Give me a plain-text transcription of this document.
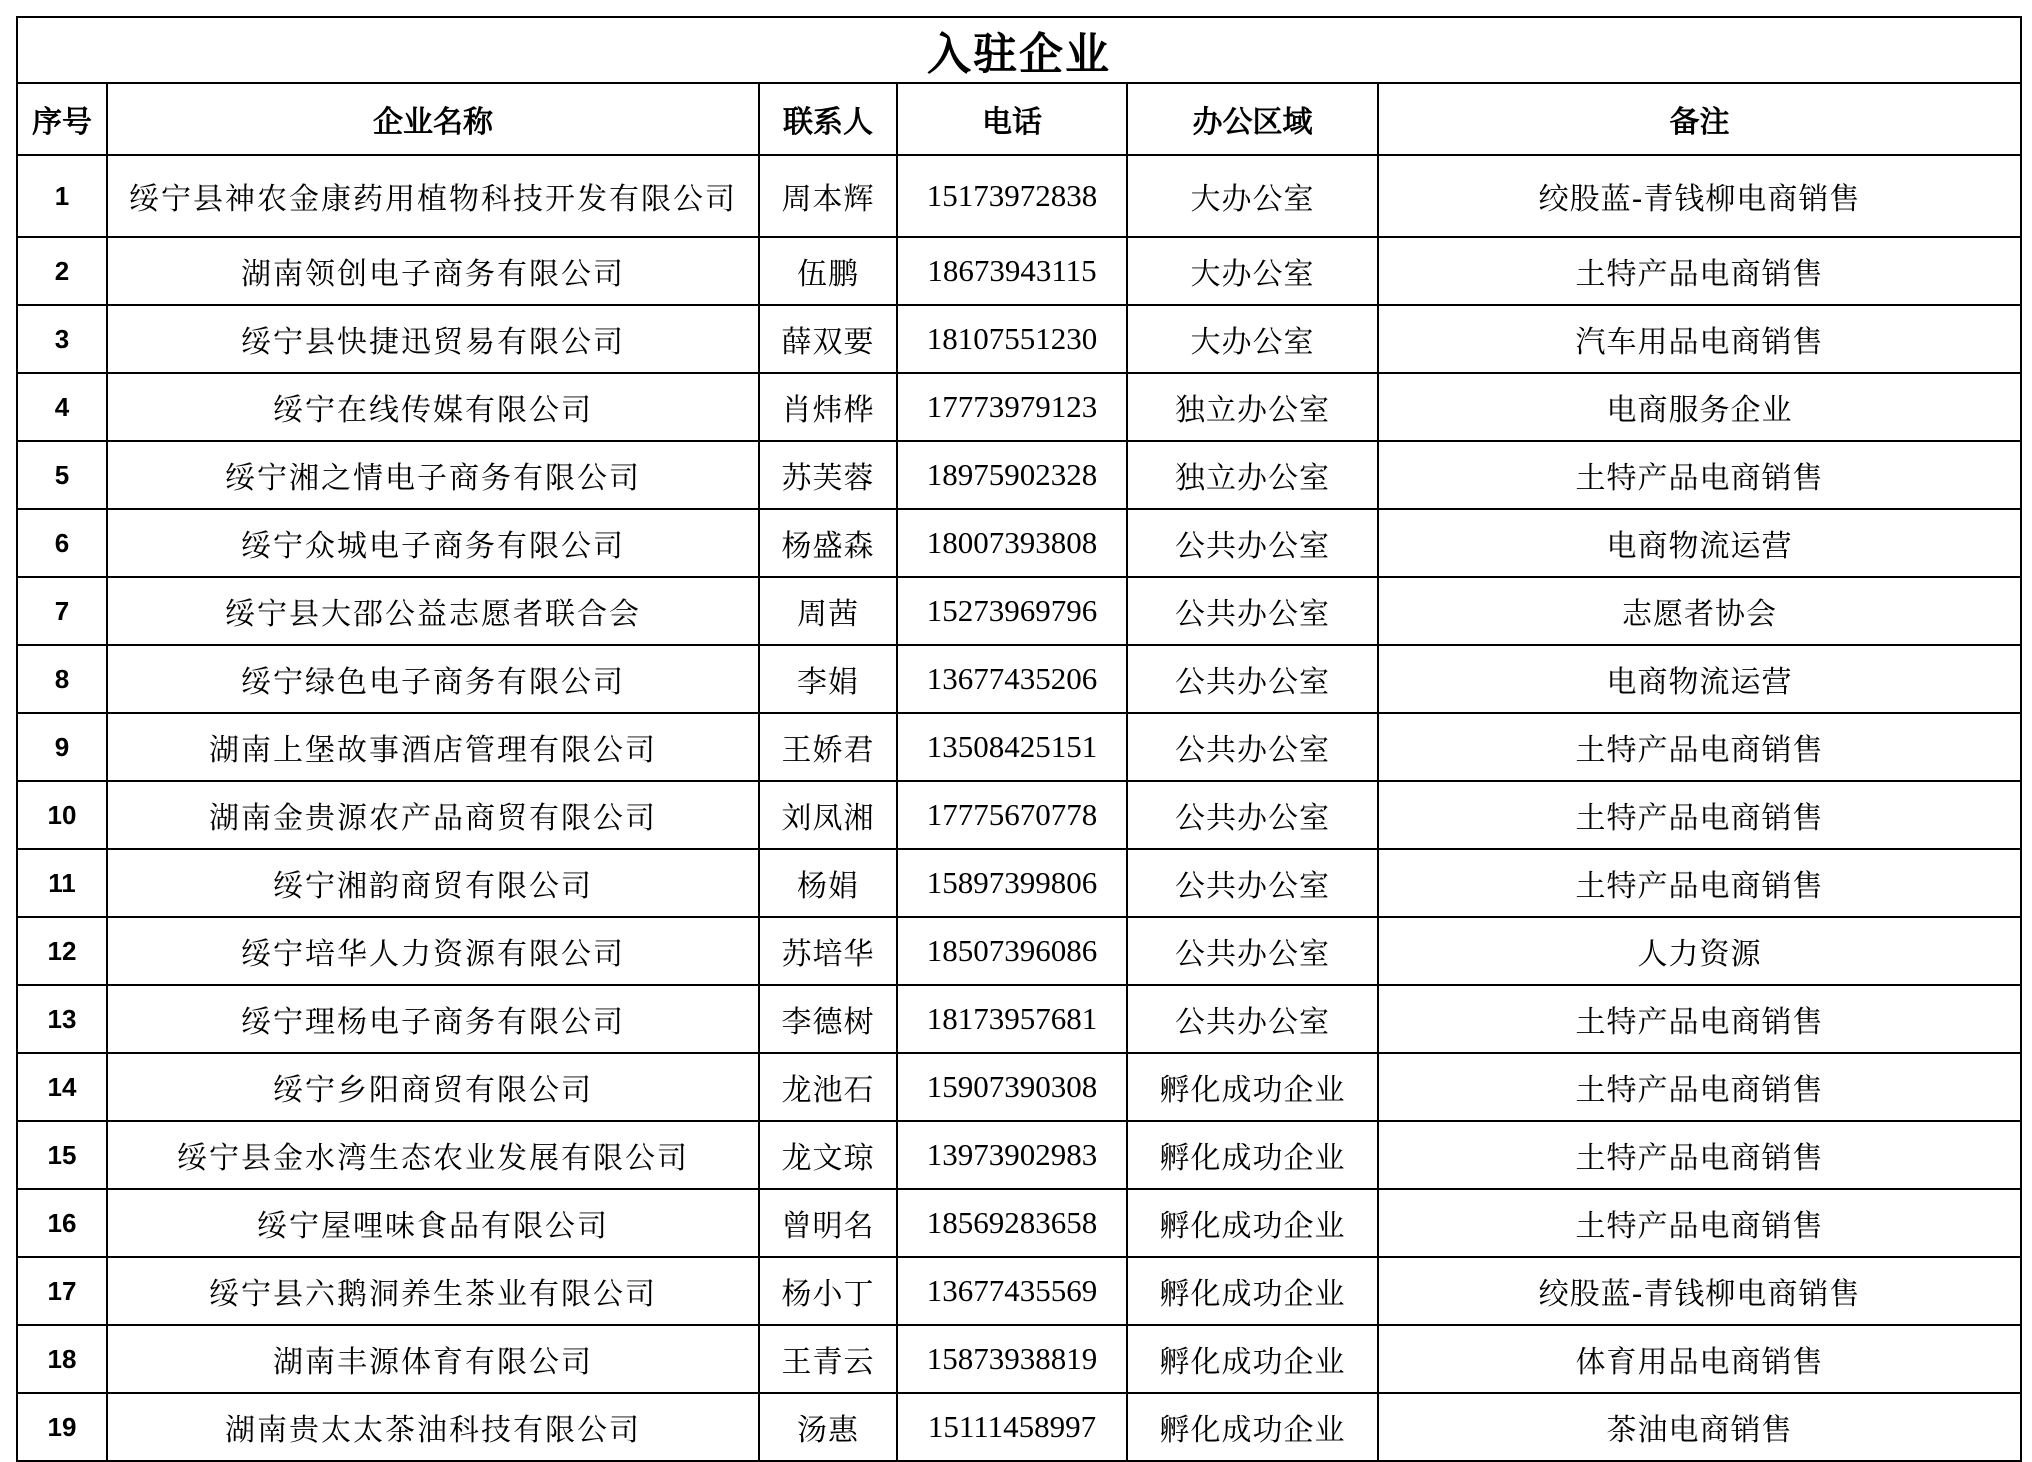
入驻企业					
序号	企业名称	联系人	电话	办公区域	备注
1	绥宁县神农金康药用植物科技开发有限公司	周本辉	15173972838	大办公室	绞股蓝-青钱柳电商销售
2	湖南领创电子商务有限公司	伍鹏	18673943115	大办公室	土特产品电商销售
3	绥宁县快捷迅贸易有限公司	薛双要	18107551230	大办公室	汽车用品电商销售
4	绥宁在线传媒有限公司	肖炜桦	17773979123	独立办公室	电商服务企业
5	绥宁湘之情电子商务有限公司	苏芙蓉	18975902328	独立办公室	土特产品电商销售
6	绥宁众城电子商务有限公司	杨盛森	18007393808	公共办公室	电商物流运营
7	绥宁县大邵公益志愿者联合会	周茜	15273969796	公共办公室	志愿者协会
8	绥宁绿色电子商务有限公司	李娟	13677435206	公共办公室	电商物流运营
9	湖南上堡故事酒店管理有限公司	王娇君	13508425151	公共办公室	土特产品电商销售
10	湖南金贵源农产品商贸有限公司	刘凤湘	17775670778	公共办公室	土特产品电商销售
11	绥宁湘韵商贸有限公司	杨娟	15897399806	公共办公室	土特产品电商销售
12	绥宁培华人力资源有限公司	苏培华	18507396086	公共办公室	人力资源
13	绥宁理杨电子商务有限公司	李德树	18173957681	公共办公室	土特产品电商销售
14	绥宁乡阳商贸有限公司	龙池石	15907390308	孵化成功企业	土特产品电商销售
15	绥宁县金水湾生态农业发展有限公司	龙文琼	13973902983	孵化成功企业	土特产品电商销售
16	绥宁屋哩味食品有限公司	曾明名	18569283658	孵化成功企业	土特产品电商销售
17	绥宁县六鹅洞养生茶业有限公司	杨小丁	13677435569	孵化成功企业	绞股蓝-青钱柳电商销售
18	湖南丰源体育有限公司	王青云	15873938819	孵化成功企业	体育用品电商销售
19	湖南贵太太茶油科技有限公司	汤惠	15111458997	孵化成功企业	茶油电商销售
